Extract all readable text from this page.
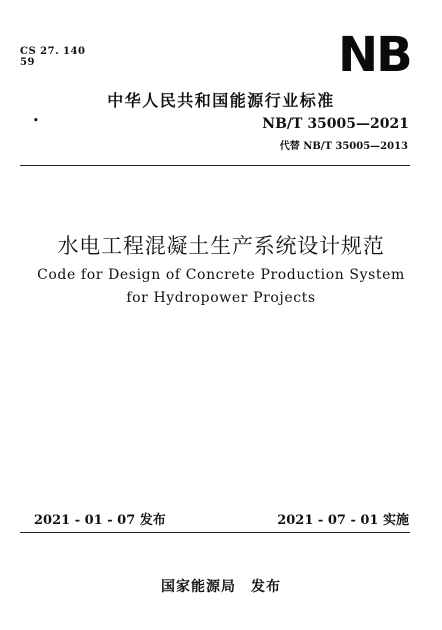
CS 27. 140
59	NB
中华人民共和国能源行业标准
•	NB/T 35005—2021
代替 NB/T 35005—2013
水电工程混凝土生产系统设计规范
Code for Design of Concrete Production System
for Hydropower Projects
2021 - 01 - 07 发布	2021 - 07 - 01 实施
国家能源局　发布
